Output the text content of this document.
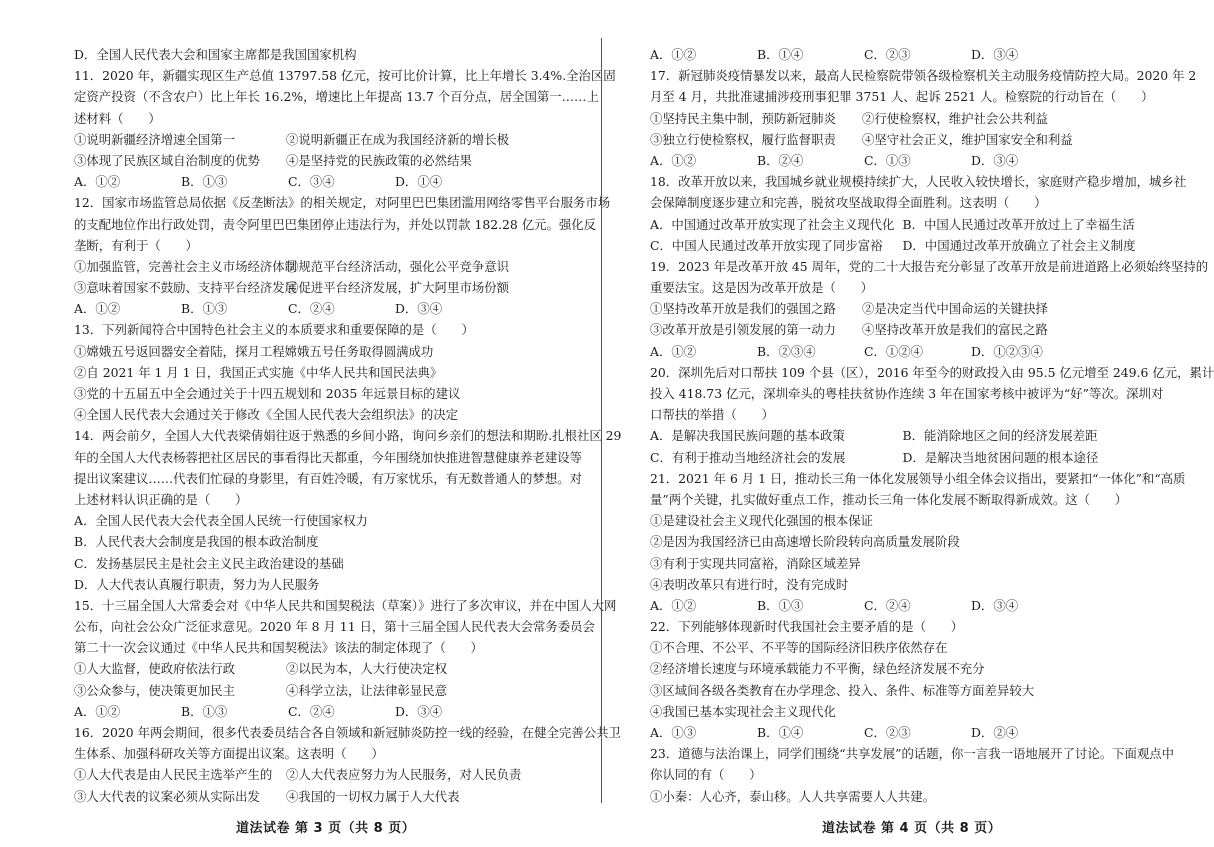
D．全国人民代表大会和国家主席都是我国国家机构
11．2020 年，新疆实现区生产总值 13797.58 亿元，按可比价计算，比上年增长 3.4%.全治区固
定资产投资（不含农户）比上年长 16.2%，增速比上年提高 13.7 个百分点，居全国第一……上
述材料（　　）
①说明新疆经济增速全国第一	②说明新疆正在成为我国经济新的增长极
③体现了民族区域自治制度的优势	④是坚持党的民族政策的必然结果
A．①②	B．①③	C．③④	D．①④
12．国家市场监管总局依据《反垄断法》的相关规定，对阿里巴巴集团滥用网络零售平台服务市场
的支配地位作出行政处罚，责令阿里巴巴集团停止违法行为，并处以罚款 182.28 亿元。强化反
垄断，有利于（　　）
①加强监管，完善社会主义市场经济体制
②规范平台经济活动，强化公平竞争意识
③意味着国家不鼓励、支持平台经济发展
④促进平台经济发展，扩大阿里市场份额
A．①②	B．①③	C．②④	D．③④
13．下列新闻符合中国特色社会主义的本质要求和重要保障的是（　　）
①嫦娥五号返回器安全着陆，探月工程嫦娥五号任务取得圆满成功
②自 2021 年 1 月 1 日，我国正式实施《中华人民共和国民法典》
③党的十五届五中全会通过关于十四五规划和 2035 年远景目标的建议
④全国人民代表大会通过关于修改《全国人民代表大会组织法》的决定
14．两会前夕，全国人大代表梁倩娟往返于熟悉的乡间小路，询问乡亲们的想法和期盼.扎根社区 29
年的全国人大代表杨蓉把社区居民的事看得比天都重，今年围绕加快推进智慧健康养老建设等
提出议案建议……代表们忙碌的身影里，有百姓冷暖，有万家忧乐，有无数普通人的梦想。对
上述材料认识正确的是（　　）
A．全国人民代表大会代表全国人民统一行使国家权力
B．人民代表大会制度是我国的根本政治制度
C．发扬基层民主是社会主义民主政治建设的基础
D．人大代表认真履行职责，努力为人民服务
15．十三届全国人大常委会对《中华人民共和国契税法（草案）》进行了多次审议，并在中国人大网
公布，向社会公众广泛征求意见。2020 年 8 月 11 日，第十三届全国人民代表大会常务委员会
第二十一次会议通过《中华人民共和国契税法》该法的制定体现了（　　）
①人大监督，使政府依法行政	②以民为本，人大行使决定权
③公众参与，使决策更加民主	④科学立法，让法律彰显民意
A．①②	B．①③	C．②④	D．③④
16．2020 年两会期间，很多代表委员结合各自领域和新冠肺炎防控一线的经验，在健全完善公共卫
生体系、加强科研攻关等方面提出议案。这表明（　　）
①人大代表是由人民民主选举产生的	②人大代表应努力为人民服务，对人民负责
③人大代表的议案必须从实际出发	④我国的一切权力属于人大代表
A．①②	B．①④	C．②③	D．③④
17．新冠肺炎疫情暴发以来，最高人民检察院带领各级检察机关主动服务疫情防控大局。2020 年 2
月至 4 月，共批准逮捕涉疫刑事犯罪 3751 人、起诉 2521 人。检察院的行动旨在（　　）
①坚持民主集中制，预防新冠肺炎	②行使检察权，维护社会公共利益
③独立行使检察权，履行监督职责	④坚守社会正义，维护国家安全和利益
A．①②	B．②④	C．①③	D．③④
18．改革开放以来，我国城乡就业规模持续扩大，人民收入较快增长，家庭财产稳步增加，城乡社
会保障制度逐步建立和完善，脱贫攻坚战取得全面胜利。这表明（　　）
A．中国通过改革开放实现了社会主义现代化 B．中国人民通过改革开放过上了幸福生活
C．中国人民通过改革开放实现了同步富裕	D．中国通过改革开放确立了社会主义制度
19．2023 年是改革开放 45 周年，党的二十大报告充分彰显了改革开放是前进道路上必须始终坚持的
重要法宝。这是因为改革开放是（　　）
①坚持改革开放是我们的强国之路	②是决定当代中国命运的关键抉择
③改革开放是引领发展的第一动力	④坚持改革开放是我们的富民之路
A．①②	B．②③④	C．①②④	D．①②③④
20．深圳先后对口帮扶 109 个县（区），2016 年至今的财政投入由 95.5 亿元增至 249.6 亿元，累计
投入 418.73 亿元，深圳牵头的粤桂扶贫协作连续 3 年在国家考核中被评为“好”等次。深圳对
口帮扶的举措（　　）
A．是解决我国民族问题的基本政策	B．能消除地区之间的经济发展差距
C．有利于推动当地经济社会的发展	D．是解决当地贫困问题的根本途径
21．2021 年 6 月 1 日，推动长三角一体化发展领导小组全体会议指出，要紧扣“一体化”和“高质
量”两个关键，扎实做好重点工作，推动长三角一体化发展不断取得新成效。这（　　）
①是建设社会主义现代化强国的根本保证
②是因为我国经济已由高速增长阶段转向高质量发展阶段
③有利于实现共同富裕，消除区域差异
④表明改革只有进行时，没有完成时
A．①②	B．①③	C．②④	D．③④
22．下列能够体现新时代我国社会主要矛盾的是（　　）
①不合理、不公平、不平等的国际经济旧秩序依然存在
②经济增长速度与环境承载能力不平衡，绿色经济发展不充分
③区域间各级各类教育在办学理念、投入、条件、标准等方面差异较大
④我国已基本实现社会主义现代化
A．①③	B．①④	C．②③	D．②④
23．道德与法治课上，同学们围绕“共享发展”的话题，你一言我一语地展开了讨论。下面观点中
你认同的有（　　）
①小秦：人心齐，泰山移。人人共享需要人人共建。
道法试卷 第 3 页（共 8 页）	道法试卷 第 4 页（共 8 页）
